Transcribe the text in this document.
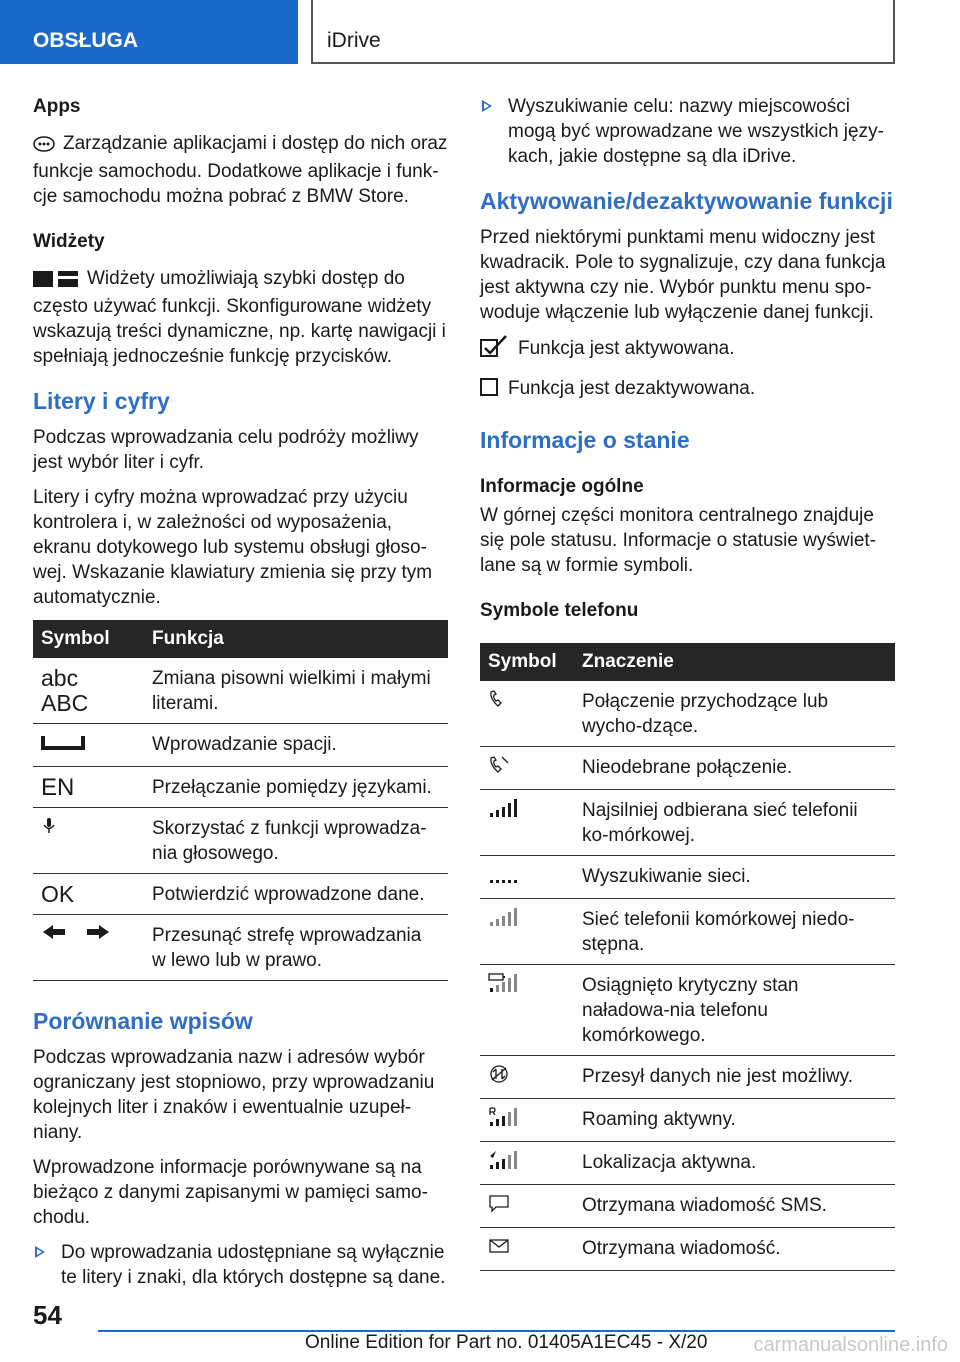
OBSŁUGA	iDrive
Apps

Zarządzanie aplikacjami i dostęp do nich oraz funkcje samochodu. Dodatkowe aplikacje i funk-cje samochodu można pobrać z BMW Store.

Widżety

Widżety umożliwiają szybki dostęp do często używać funkcji. Skonfigurowane widżety wskazują treści dynamiczne, np. kartę nawigacji i spełniają jednocześnie funkcję przycisków.

Litery i cyfry

Podczas wprowadzania celu podróży możliwy jest wybór liter i cyfr.

Litery i cyfry można wprowadzać przy użyciu kontrolera i, w zależności od wyposażenia, ekranu dotykowego lub systemu obsługi głoso-wej. Wskazanie klawiatury zmienia się przy tym automatycznie.

Symbol	Funkcja

abc
ABC	Zmiana pisowni wielkimi i małymi literami.
	Wprowadzanie spacji.
EN	Przełączanie pomiędzy językami.
	Skorzystać z funkcji wprowadza-nia głosowego.
OK	Potwierdzić wprowadzone dane.
	Przesunąć strefę wprowadzania w lewo lub w prawo.
Porównanie wpisów

Podczas wprowadzania nazw i adresów wybór ograniczany jest stopniowo, przy wprowadzaniu kolejnych liter i znaków i ewentualnie uzupeł-niany.

Wprowadzone informacje porównywane są na bieżąco z danymi zapisanymi w pamięci samo-chodu.

Do wprowadzania udostępniane są wyłącznie te litery i znaki, dla których dostępne są dane.
Wyszukiwanie celu: nazwy miejscowości mogą być wprowadzane we wszystkich języ-kach, jakie dostępne są dla iDrive.
Aktywowanie/dezaktywowanie funkcji

Przed niektórymi punktami menu widoczny jest kwadracik. Pole to sygnalizuje, czy dana funkcja jest aktywna czy nie. Wybór punktu menu spo-woduje włączenie lub wyłączenie danej funkcji.

Funkcja jest aktywowana.
Funkcja jest dezaktywowana.
Informacje o stanie
Informacje ogólne

W górnej części monitora centralnego znajduje się pole statusu. Informacje o statusie wyświet-lane są w formie symboli.

Symbole telefonu
Symbol	Znaczenie
	Połączenie przychodzące lub wycho-dzące.
	Nieodebrane połączenie.
	Najsilniej odbierana sieć telefonii ko-mórkowej.
	Wyszukiwanie sieci.
	Sieć telefonii komórkowej niedo-stępna.
	Osiągnięto krytyczny stan naładowa-nia telefonu komórkowego.
	Przesył danych nie jest możliwy.
	Roaming aktywny.
	Lokalizacja aktywna.
	Otrzymana wiadomość SMS.
	Otrzymana wiadomość.
54
Online Edition for Part no. 01405A1EC45 - X/20 carmanualsonline.info
